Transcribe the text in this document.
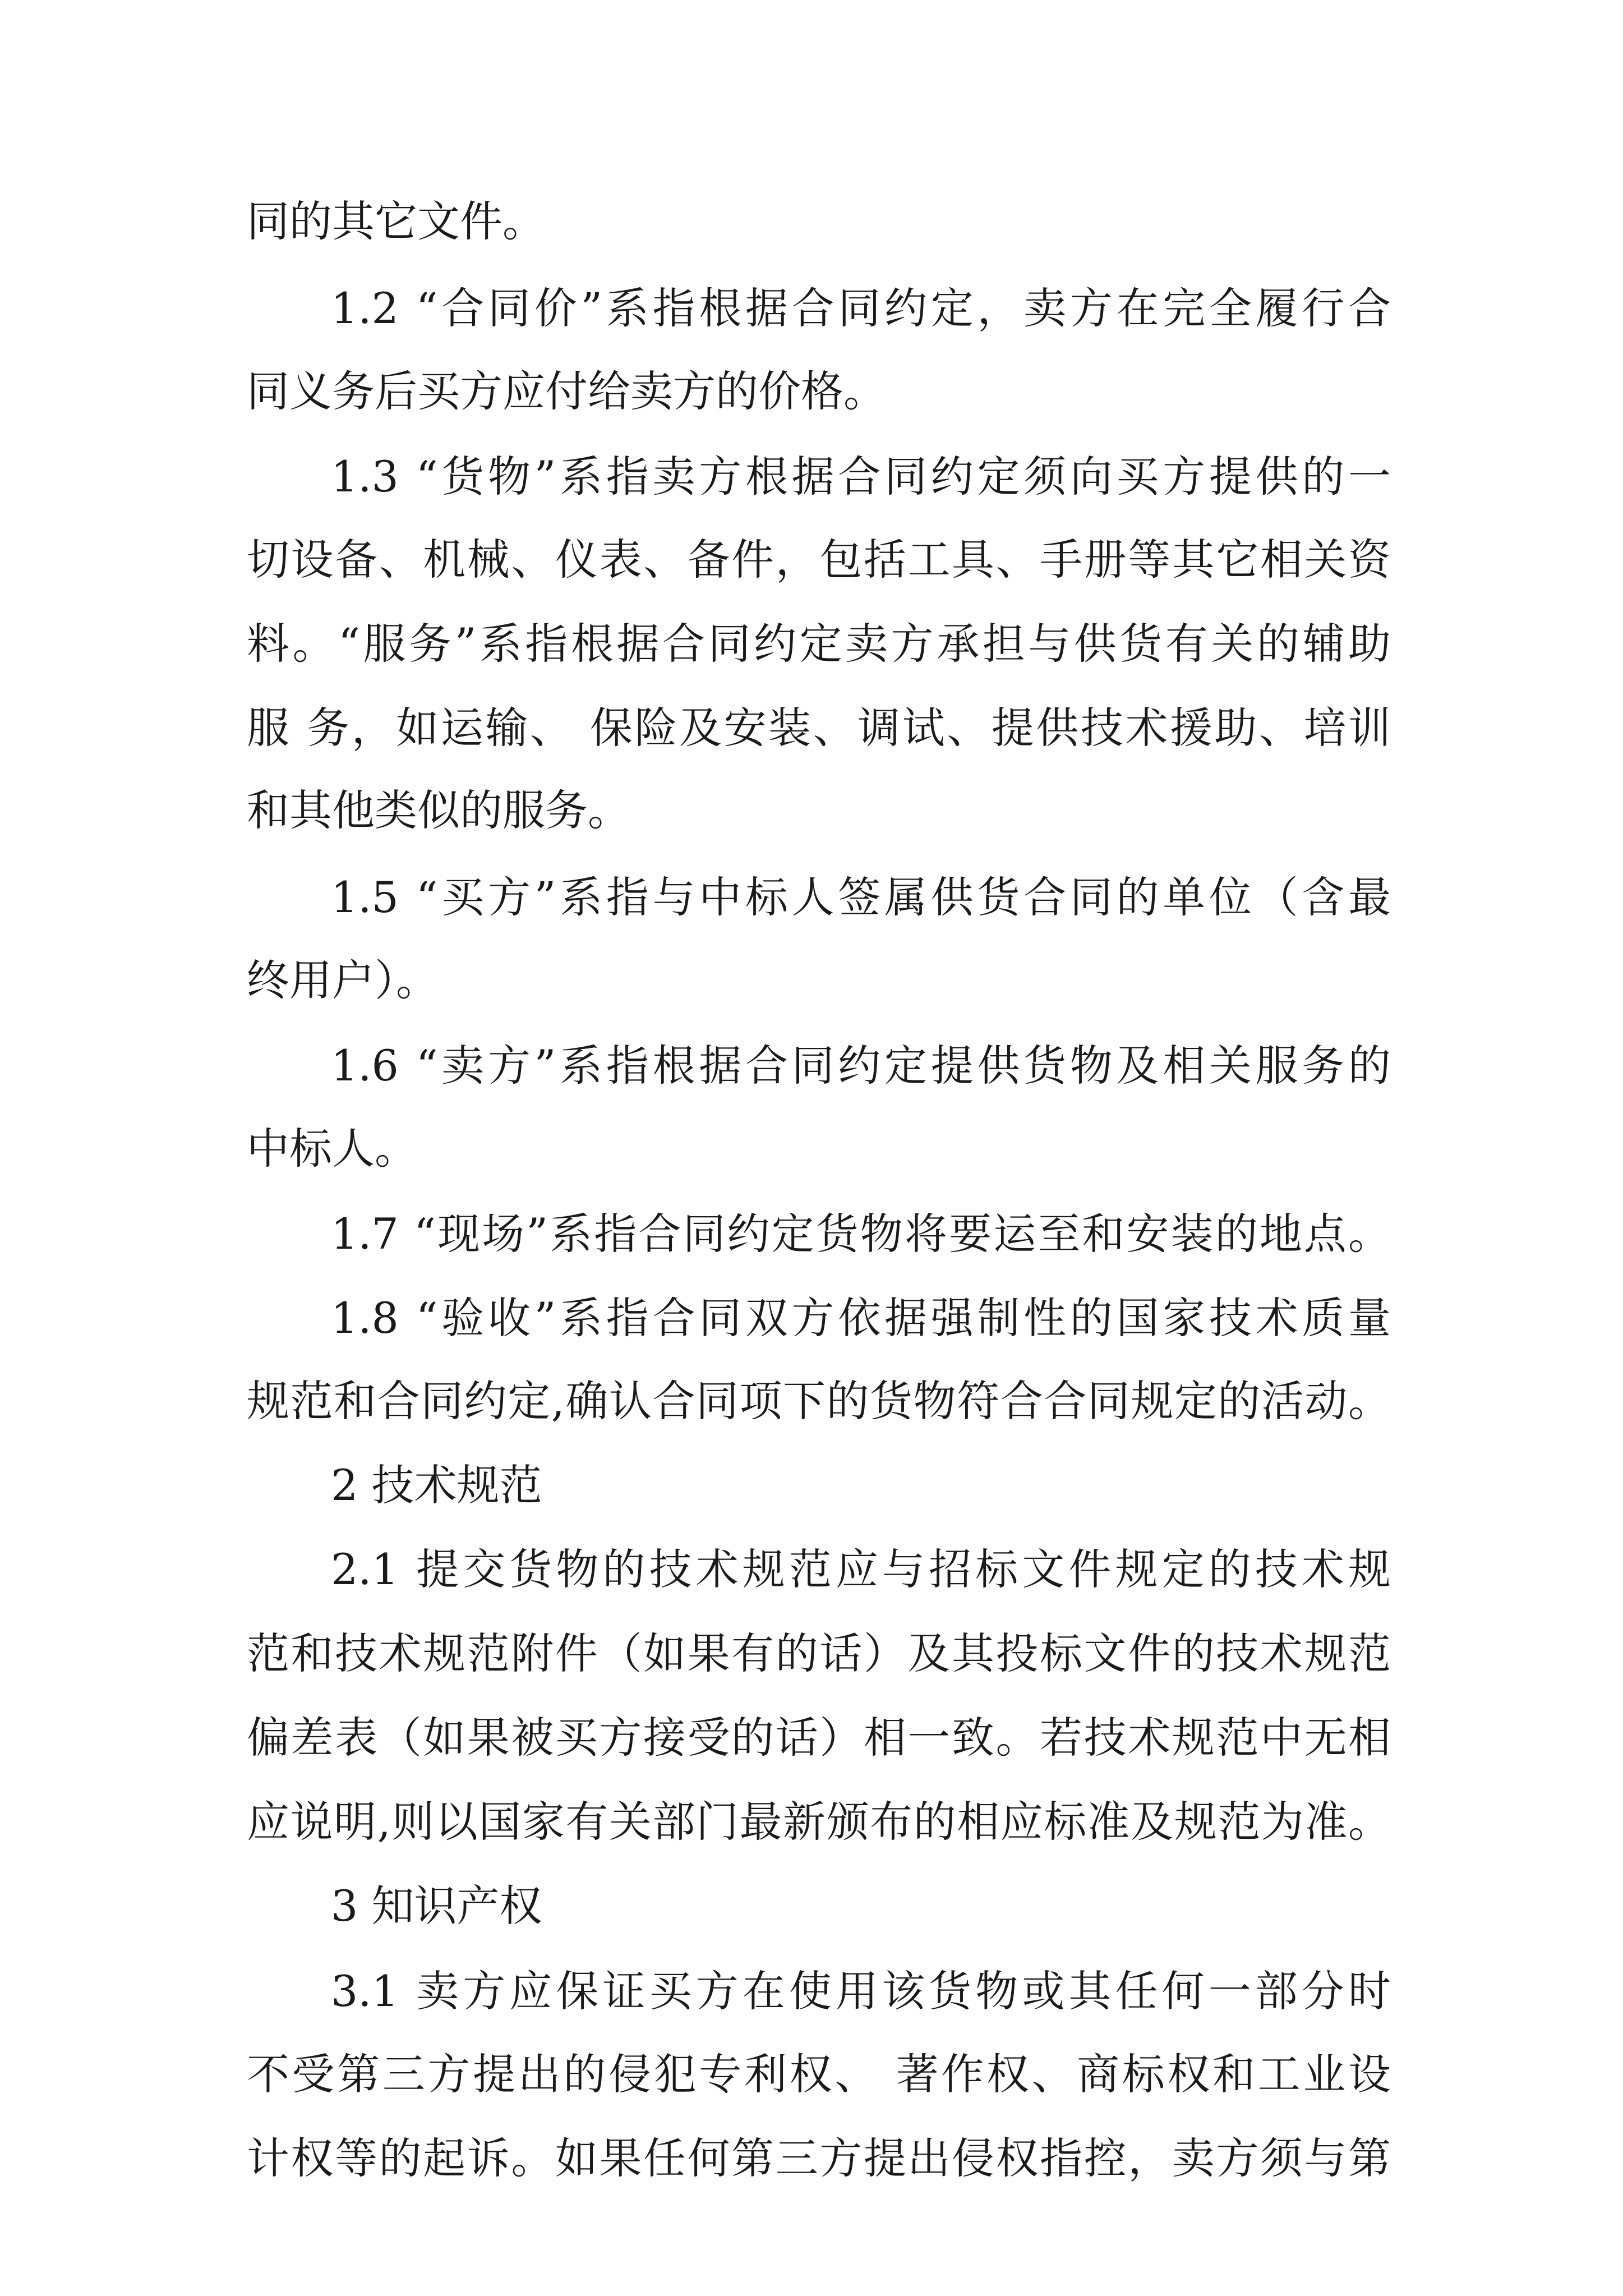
同的其它文件。
1.2 “合同价”系指根据合同约定，卖方在完全履行合
同义务后买方应付给卖方的价格。
1.3 “货物”系指卖方根据合同约定须向买方提供的一
切设备、机械、仪表、备件，包括工具、手册等其它相关资
料。“服务”系指根据合同约定卖方承担与供货有关的辅助
服 务，如运输、 保险及安装、调试、提供技术援助、培训
和其他类似的服务。
1.5 “买方”系指与中标人签属供货合同的单位（含最
终用户）。
1.6 “卖方”系指根据合同约定提供货物及相关服务的
中标人。
1.7 “现场”系指合同约定货物将要运至和安装的地点。
1.8 “验收”系指合同双方依据强制性的国家技术质量
规范和合同约定,确认合同项下的货物符合合同规定的活动。
2 技术规范
2.1 提交货物的技术规范应与招标文件规定的技术规
范和技术规范附件（如果有的话）及其投标文件的技术规范
偏差表（如果被买方接受的话）相一致。若技术规范中无相
应说明,则以国家有关部门最新颁布的相应标准及规范为准。
3 知识产权
3.1 卖方应保证买方在使用该货物或其任何一部分时
不受第三方提出的侵犯专利权、 著作权、商标权和工业设
计权等的起诉。如果任何第三方提出侵权指控，卖方须与第
